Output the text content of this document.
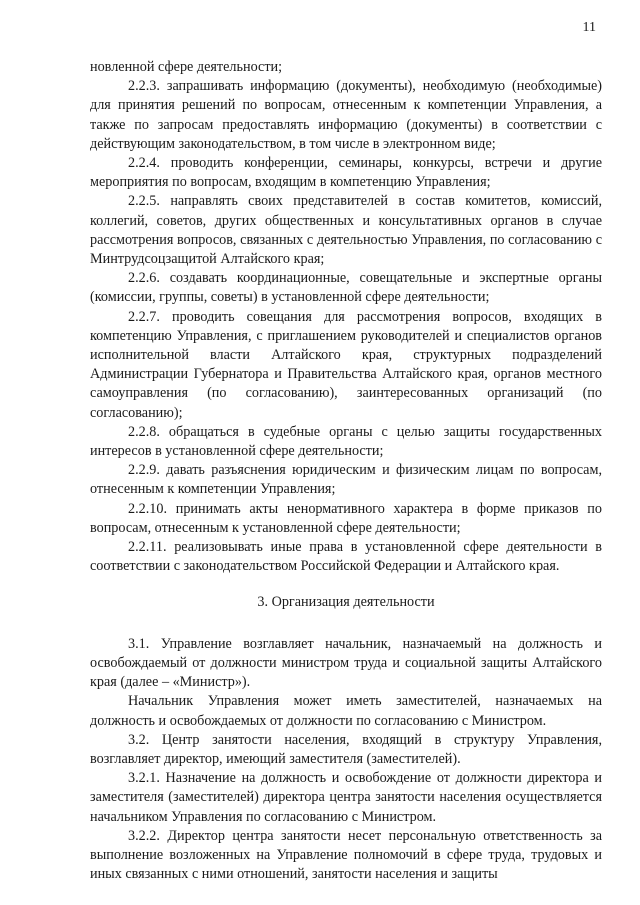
11

новленной сфере деятельности;

2.2.3. запрашивать информацию (документы), необходимую (необходимые) для принятия решений по вопросам, отнесенным к компетенции Управления, а также по запросам предоставлять информацию (документы) в соответствии с действующим законодательством, в том числе в электронном виде;

2.2.4. проводить конференции, семинары, конкурсы, встречи и другие мероприятия по вопросам, входящим в компетенцию Управления;

2.2.5. направлять своих представителей в состав комитетов, комиссий, коллегий, советов, других общественных и консультативных органов в случае рассмотрения вопросов, связанных с деятельностью Управления, по согласованию с Минтрудсоцзащитой Алтайского края;

2.2.6. создавать координационные, совещательные и экспертные органы (комиссии, группы, советы) в установленной сфере деятельности;

2.2.7. проводить совещания для рассмотрения вопросов, входящих в компетенцию Управления, с приглашением руководителей и специалистов органов исполнительной власти Алтайского края, структурных подразделений Администрации Губернатора и Правительства Алтайского края, органов местного самоуправления (по согласованию), заинтересованных организаций (по согласованию);

2.2.8. обращаться в судебные органы с целью защиты государственных интересов в установленной сфере деятельности;

2.2.9. давать разъяснения юридическим и физическим лицам по вопросам, отнесенным к компетенции Управления;

2.2.10. принимать акты ненормативного характера в форме приказов по вопросам, отнесенным к установленной сфере деятельности;

2.2.11. реализовывать иные права в установленной сфере деятельности в соответствии с законодательством Российской Федерации и Алтайского края.

3. Организация деятельности

3.1. Управление возглавляет начальник, назначаемый на должность и освобождаемый от должности министром труда и социальной защиты Алтайского края (далее – «Министр»).

Начальник Управления может иметь заместителей, назначаемых на должность и освобождаемых от должности по согласованию с Министром.

3.2. Центр занятости населения, входящий в структуру Управления, возглавляет директор, имеющий заместителя (заместителей).

3.2.1. Назначение на должность и освобождение от должности директора и заместителя (заместителей) директора центра занятости населения осуществляется начальником Управления по согласованию с Министром.

3.2.2. Директор центра занятости несет персональную ответственность за выполнение возложенных на Управление полномочий в сфере труда, трудовых и иных связанных с ними отношений, занятости населения и защиты
